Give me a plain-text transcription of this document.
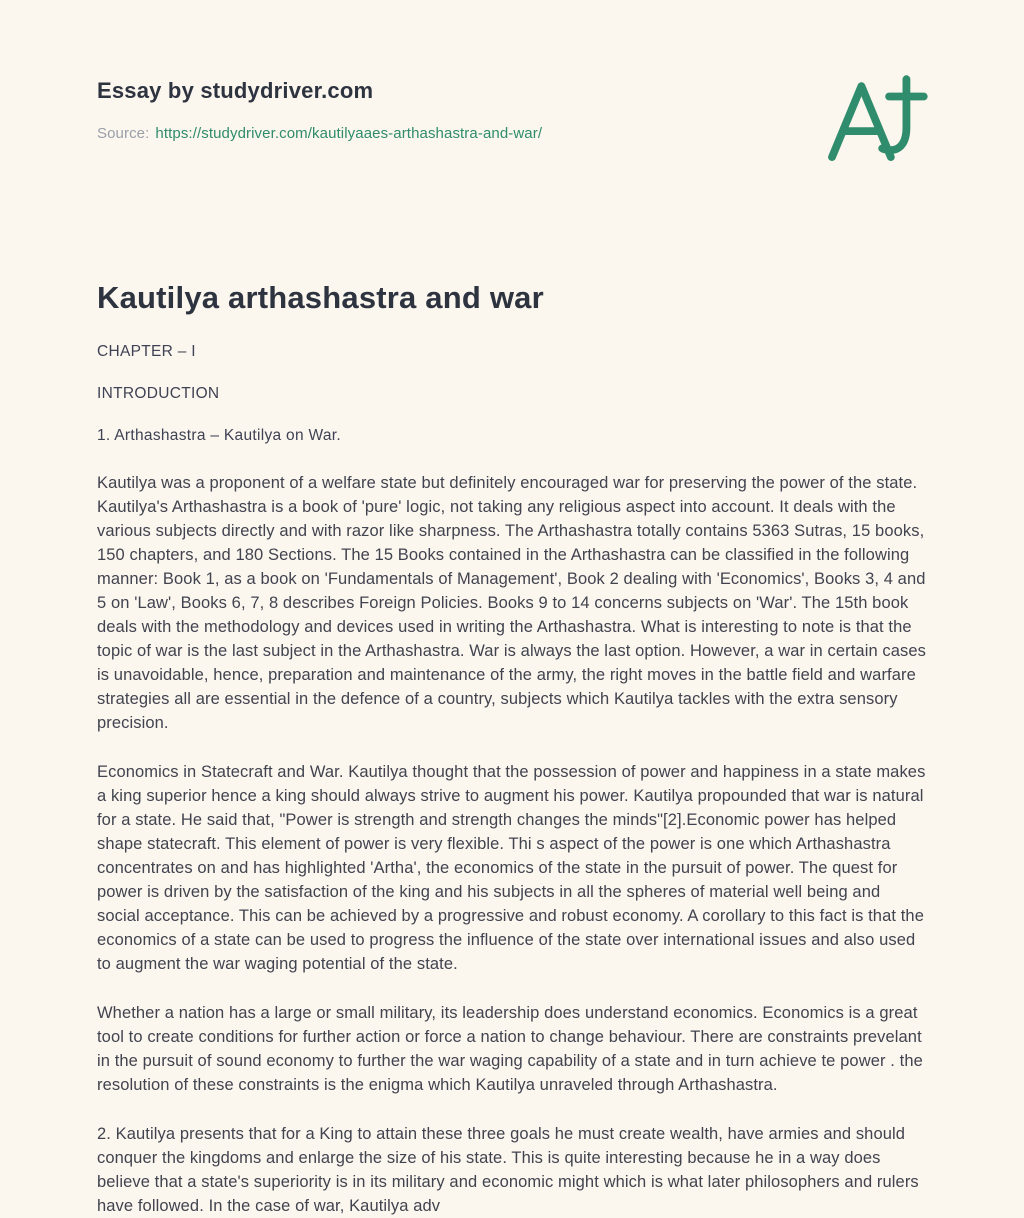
Essay by studydriver.com

Source: https://studydriver.com/kautilyaaes-arthashastra-and-war/

Kautilya arthashastra and war

CHAPTER – I

INTRODUCTION

1. Arthashastra – Kautilya on War.

Kautilya was a proponent of a welfare state but definitely encouraged war for preserving the power of the state. Kautilya's Arthashastra is a book of 'pure' logic, not taking any religious aspect into account. It deals with the various subjects directly and with razor like sharpness. The Arthashastra totally contains 5363 Sutras, 15 books, 150 chapters, and 180 Sections. The 15 Books contained in the Arthashastra can be classified in the following manner: Book 1, as a book on 'Fundamentals of Management', Book 2 dealing with 'Economics', Books 3, 4 and 5 on 'Law', Books 6, 7, 8 describes Foreign Policies. Books 9 to 14 concerns subjects on 'War'. The 15th book deals with the methodology and devices used in writing the Arthashastra. What is interesting to note is that the topic of war is the last subject in the Arthashastra. War is always the last option. However, a war in certain cases is unavoidable, hence, preparation and maintenance of the army, the right moves in the battle field and warfare strategies all are essential in the defence of a country, subjects which Kautilya tackles with the extra sensory precision.

Economics in Statecraft and War. Kautilya thought that the possession of power and happiness in a state makes a king superior hence a king should always strive to augment his power. Kautilya propounded that war is natural for a state. He said that, "Power is strength and strength changes the minds"[2].Economic power has helped shape statecraft. This element of power is very flexible. Thi s aspect of the power is one which Arthashastra concentrates on and has highlighted 'Artha', the economics of the state in the pursuit of power. The quest for power is driven by the satisfaction of the king and his subjects in all the spheres of material well being and social acceptance. This can be achieved by a progressive and robust economy. A corollary to this fact is that the economics of a state can be used to progress the influence of the state over international issues and also used to augment the war waging potential of the state.

Whether a nation has a large or small military, its leadership does understand economics. Economics is a great tool to create conditions for further action or force a nation to change behaviour. There are constraints prevelant in the pursuit of sound economy to further the war waging capability of a state and in turn achieve te power . the resolution of these constraints is the enigma which Kautilya unraveled through Arthashastra.

2. Kautilya presents that for a King to attain these three goals he must create wealth, have armies and should conquer the kingdoms and enlarge the size of his state. This is quite interesting because he in a way does believe that a state's superiority is in its military and economic might which is what later philosophers and rulers have followed. In the case of war, Kautilya adv
